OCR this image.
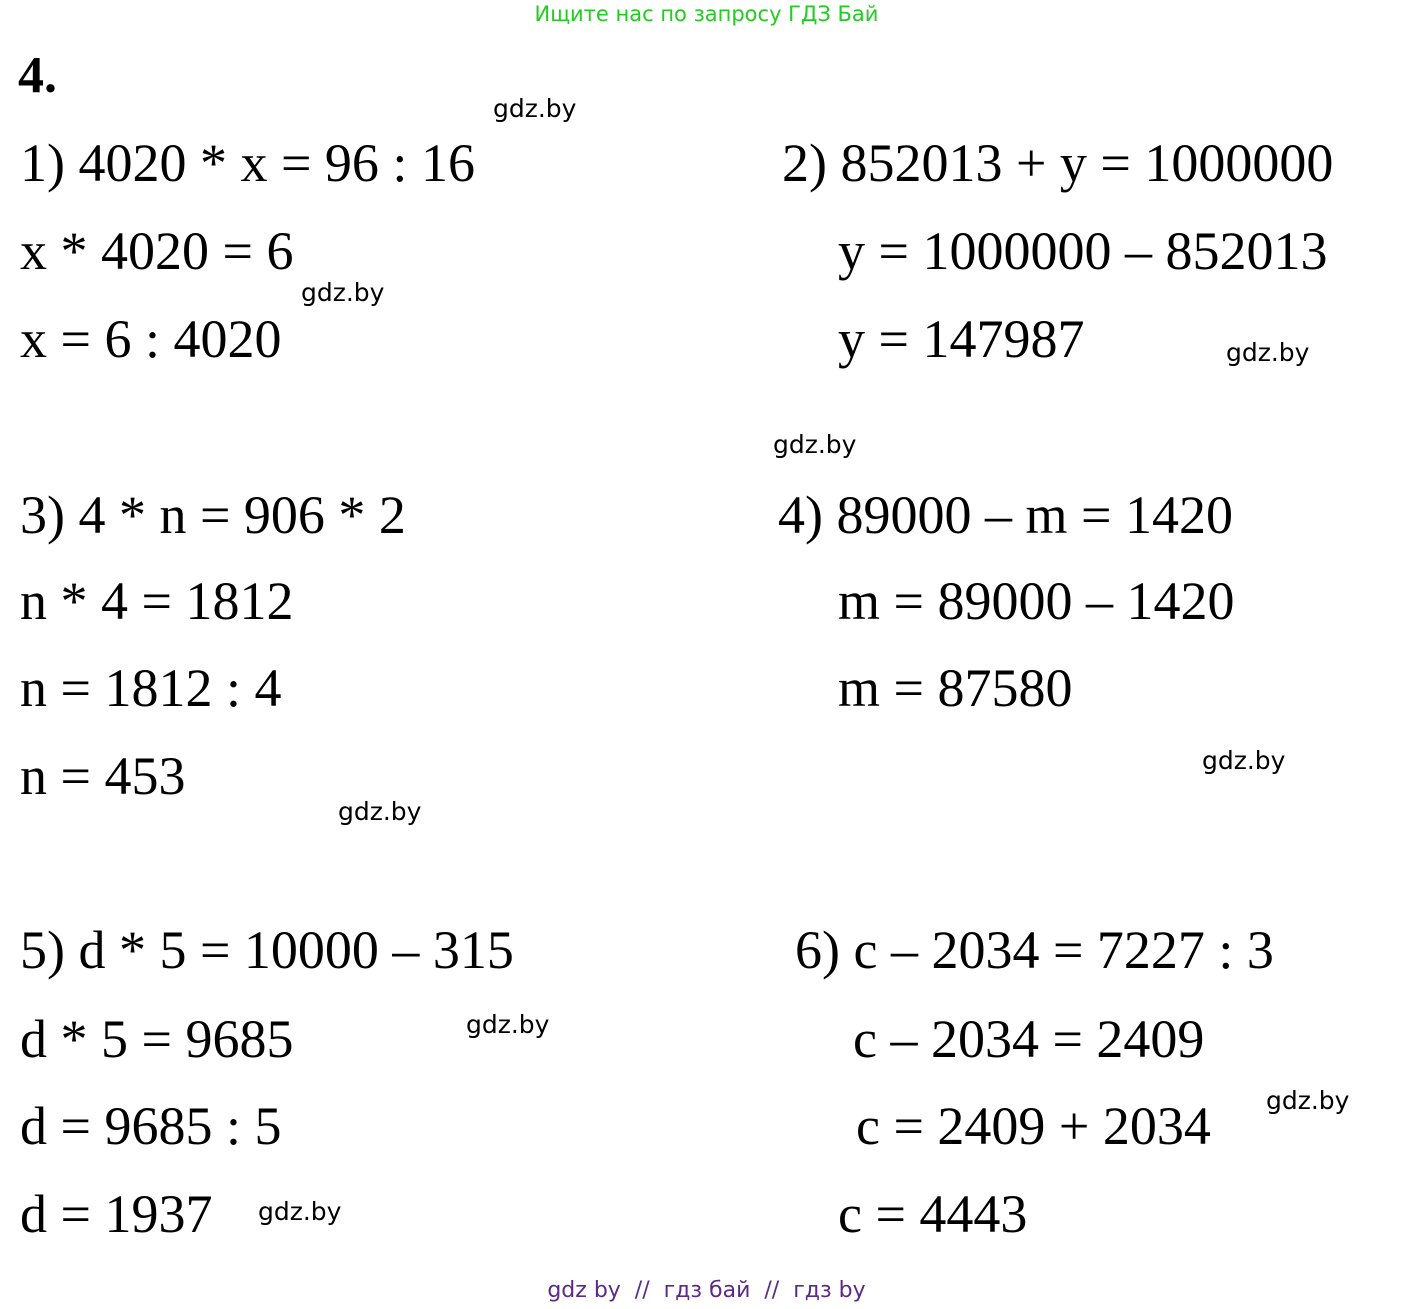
Ищите нас по запросу ГДЗ Бай
4.
1) 4020 * x = 96 : 16
x * 4020 = 6
x = 6 : 4020
2) 852013 + y = 1000000
y = 1000000 – 852013
y = 147987
3) 4 * n = 906 * 2
n * 4 = 1812
n = 1812 : 4
n = 453
4) 89000 – m = 1420
m = 89000 – 1420
m = 87580
5) d * 5 = 10000 – 315
d * 5 = 9685
d = 9685 : 5
d = 1937
6) c – 2034 = 7227 : 3
c – 2034 = 2409
c = 2409 + 2034
c = 4443
gdz.by
gdz.by
gdz.by
gdz.by
gdz.by
gdz.by
gdz.by
gdz.by
gdz.by
gdz by  //  гдз бай  //  гдз by
